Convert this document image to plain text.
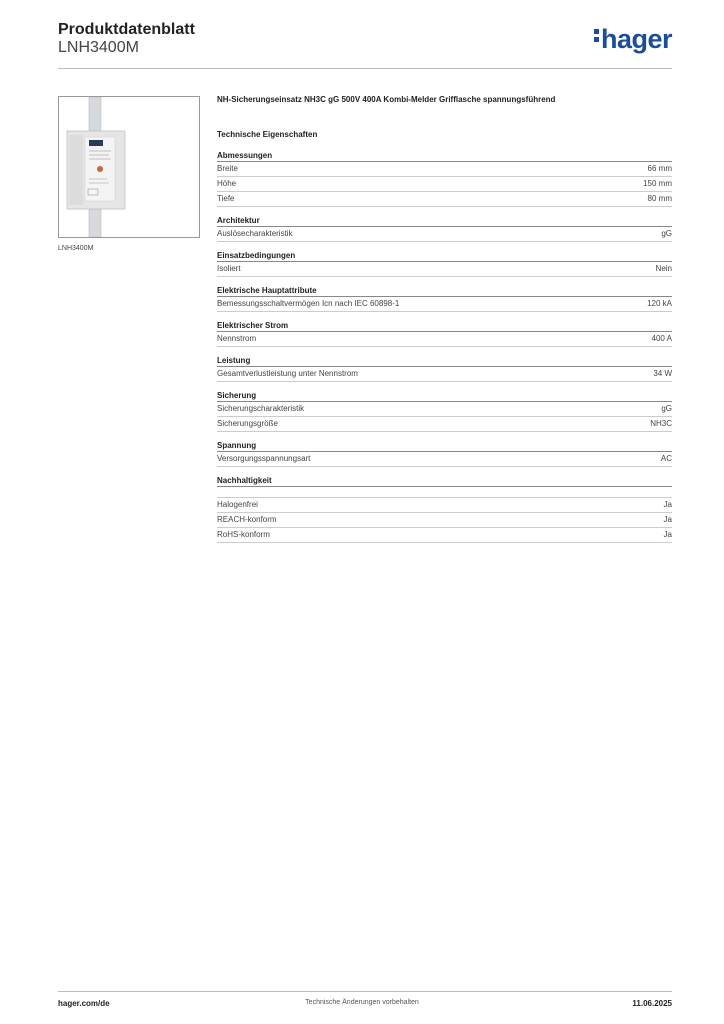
Produktdatenblatt
LNH3400M	hager
LNH3400M
NH-Sicherungseinsatz NH3C gG 500V 400A Kombi-Melder Grifflasche spannungsführend
Technische Eigenschaften
Abmessungen
Breite	66 mm
Höhe	150 mm
Tiefe	80 mm
Architektur
Auslösecharakteristik	gG
Einsatzbedingungen
Isoliert	Nein
Elektrische Hauptattribute
Bemessungsschaltvermögen Icn nach IEC 60898-1	120 kA
Elektrischer Strom
Nennstrom	400 A
Leistung
Gesamtverlustleistung unter Nennstrom	34 W
Sicherung
Sicherungscharakteristik	gG
Sicherungsgröße	NH3C
Spannung
Versorgungsspannungsart	AC
Nachhaltigkeit
Halogenfrei	Ja
REACH-konform	Ja
RoHS-konform	Ja
hager.com/de	Technische Änderungen vorbehalten	11.06.2025
